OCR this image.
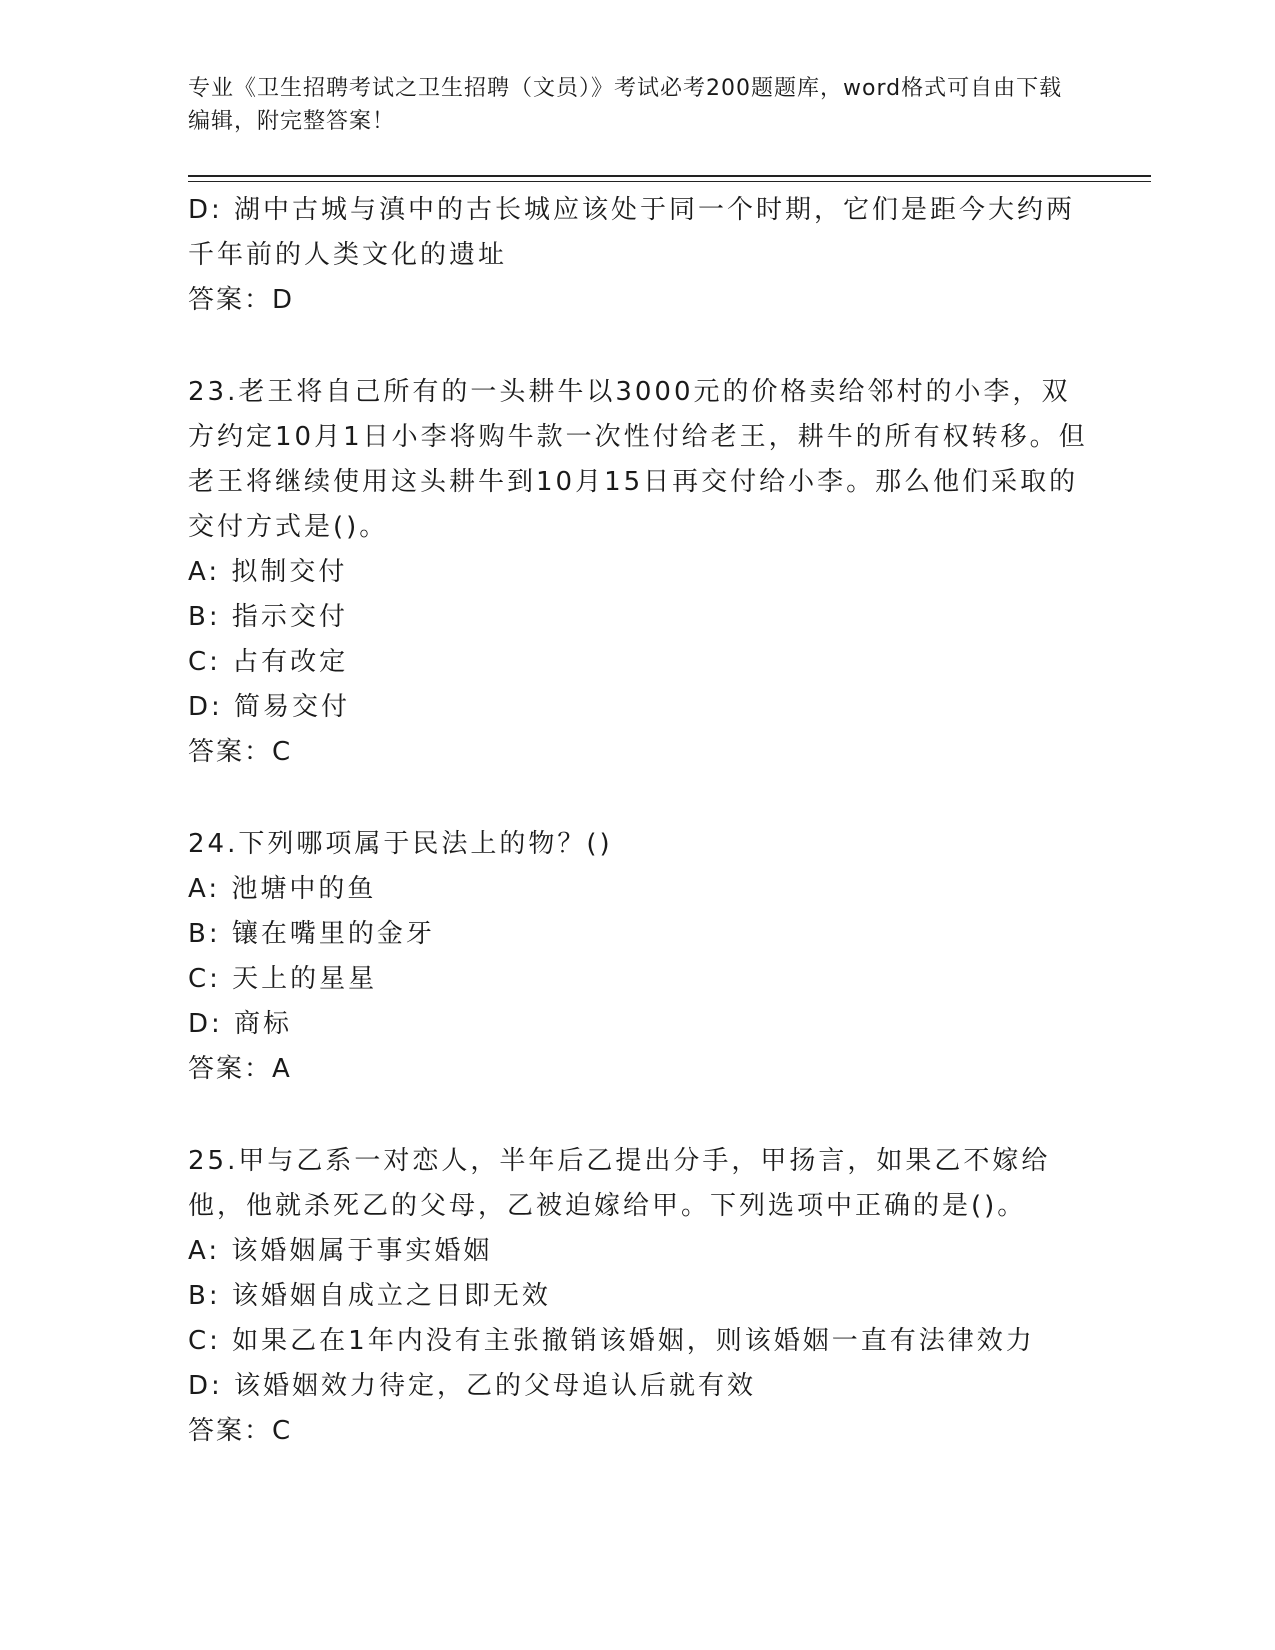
专业《卫生招聘考试之卫生招聘（文员）》考试必考200题题库，word格式可自由下载编辑，附完整答案！
D: 湖中古城与滇中的古长城应该处于同一个时期，它们是距今大约两千年前的人类文化的遗址
答案：D
23.老王将自己所有的一头耕牛以3000元的价格卖给邻村的小李，双方约定10月1日小李将购牛款一次性付给老王，耕牛的所有权转移。但老王将继续使用这头耕牛到10月15日再交付给小李。那么他们采取的交付方式是()。
A: 拟制交付
B: 指示交付
C: 占有改定
D: 简易交付
答案：C
24.下列哪项属于民法上的物？()
A: 池塘中的鱼
B: 镶在嘴里的金牙
C: 天上的星星
D: 商标
答案：A
25.甲与乙系一对恋人，半年后乙提出分手，甲扬言，如果乙不嫁给他，他就杀死乙的父母，乙被迫嫁给甲。下列选项中正确的是()。
A: 该婚姻属于事实婚姻
B: 该婚姻自成立之日即无效
C: 如果乙在1年内没有主张撤销该婚姻，则该婚姻一直有法律效力
D: 该婚姻效力待定，乙的父母追认后就有效
答案：C
